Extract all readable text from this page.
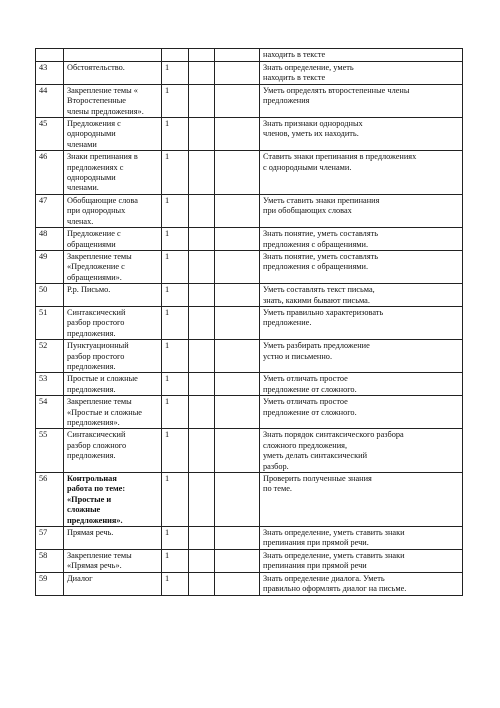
					находить в тексте

43	Обстоятельство.	1			Знать определение, уметь
находить в тексте

44	Закрепление темы «
Второстепенные
члены предложения».	1			Уметь определять второстепенные члены
предложения

45	Предложения с
однородными
членами	1			Знать признаки однородных
членов, уметь их находить.

46	Знаки препинания в
предложениях с
однородными
членами.	1			Ставить знаки препинания в предложениях
с однородными членами.

47	Обобщающие слова
при однородных
членах.	1			Уметь ставить знаки препинания
при обобщающих словах

48	Предложение с
обращениями	1			Знать понятие, уметь составлять
предложения с обращениями.

49	Закрепление темы
«Предложение с
обращениями».	1			Знать понятие, уметь составлять
предложения с обращениями.

50	Р.р. Письмо.	1			Уметь составлять текст письма,
знать, какими бывают письма.

51	Синтаксический
разбор простого
предложения.	1			Уметь правильно характеризовать
предложение.

52	Пунктуационный
разбор простого
предложения.	1			Уметь разбирать предложение
устно и письменно.

53	Простые и сложные
предложения.	1			Уметь отличать простое
предложение от сложного.

54	Закрепление темы
«Простые и сложные
предложения».	1			Уметь отличать простое
предложение от сложного.

55	Синтаксический
разбор сложного
предложения.	1			Знать порядок синтаксического разбора
сложного предложения,
уметь делать синтаксический
разбор.

56	Контрольная
работа по теме:
«Простые и
сложные
предложения».	1			Проверить полученные знания
по теме.

57	Прямая речь.	1			Знать определение, уметь ставить знаки
препинания при прямой речи.

58	Закрепление темы
«Прямая речь».	1			Знать определение, уметь ставить знаки
препинания при прямой речи

59	Диалог	1			Знать определение диалога. Уметь
правильно оформлять диалог на письме.
